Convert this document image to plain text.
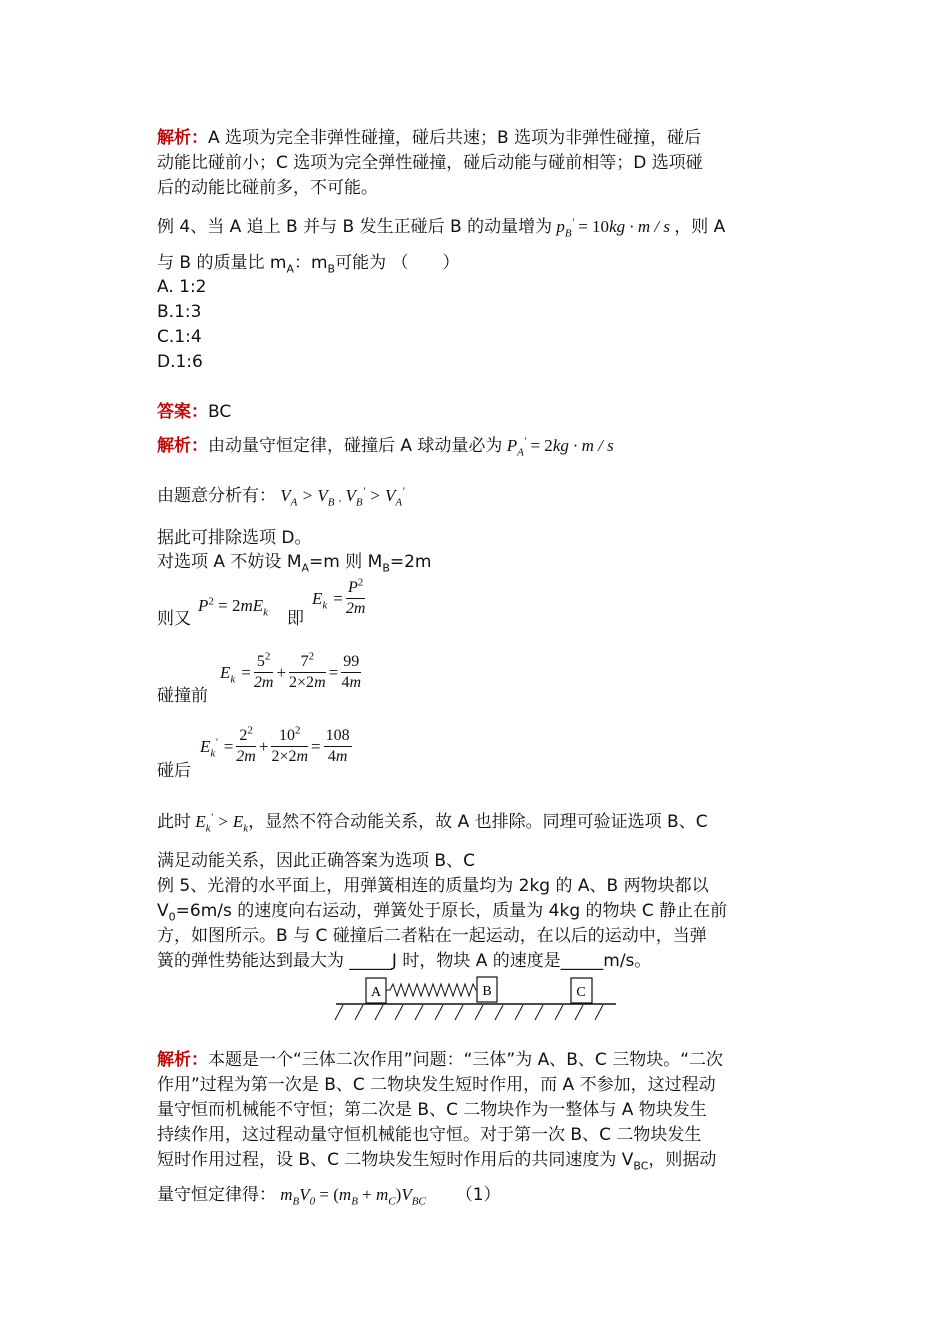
解析：A 选项为完全非弹性碰撞，碰后共速；B 选项为非弹性碰撞，碰后
动能比碰前小；C 选项为完全弹性碰撞，碰后动能与碰前相等；D 选项碰
后的动能比碰前多，不可能。
例 4、当 A 追上 B 并与 B 发生正碰后 B 的动量增为 $p_B' = 10kg \cdot m / s$ ，则 A
与 B 的质量比 $m_A$：$m_B$可能为 （　　）
A. 1:2
B.1:3
C.1:4
D.1:6
答案：BC
解析：由动量守恒定律，碰撞后 A 球动量必为 $P_A' = 2kg \cdot m / s$
由题意分析有： $V_A > V_B$ , $V_B' > V_A'$
据此可排除选项 D。
对选项 A 不妨设 $M_A=m$ 则 $M_B=2m$
则又
$P^2 = 2mE_k$ 即
$E_k = \frac{P^2}{2m}$
碰撞前
$E_k = \frac{5^2}{2m} + \frac{7^2}{2\times 2m} = \frac{99}{4m}$
碰后
$E_k' = \frac{2^2}{2m} + \frac{10^2}{2\times 2m} = \frac{108}{4m}$
此时 $E_k' > E_k$，显然不符合动能关系，故 A 也排除。同理可验证选项 B、C
满足动能关系，因此正确答案为选项 B、C
例 5、光滑的水平面上，用弹簧相连的质量均为 2kg 的 A、B 两物块都以
$V_0=6m/s$ 的速度向右运动，弹簧处于原长，质量为 4kg 的物块 C 静止在前
方，如图所示。B 与 C 碰撞后二者粘在一起运动，在以后的运动中，当弹
簧的弹性势能达到最大为 _____J 时，物块 A 的速度是_____m/s。
A	B	C
解析：本题是一个“三体二次作用”问题：“三体”为 A、B、C 三物块。“二次
作用”过程为第一次是 B、C 二物块发生短时作用，而 A 不参加，这过程动
量守恒而机械能不守恒；第二次是 B、C 二物块作为一整体与 A 物块发生
持续作用，这过程动量守恒机械能也守恒。对于第一次 B、C 二物块发生
短时作用过程，设 B、C 二物块发生短时作用后的共同速度为 $V_{BC}$，则据动
量守恒定律得： $m_BV_0 = (m_B + m_C)V_{BC}$ （1）
